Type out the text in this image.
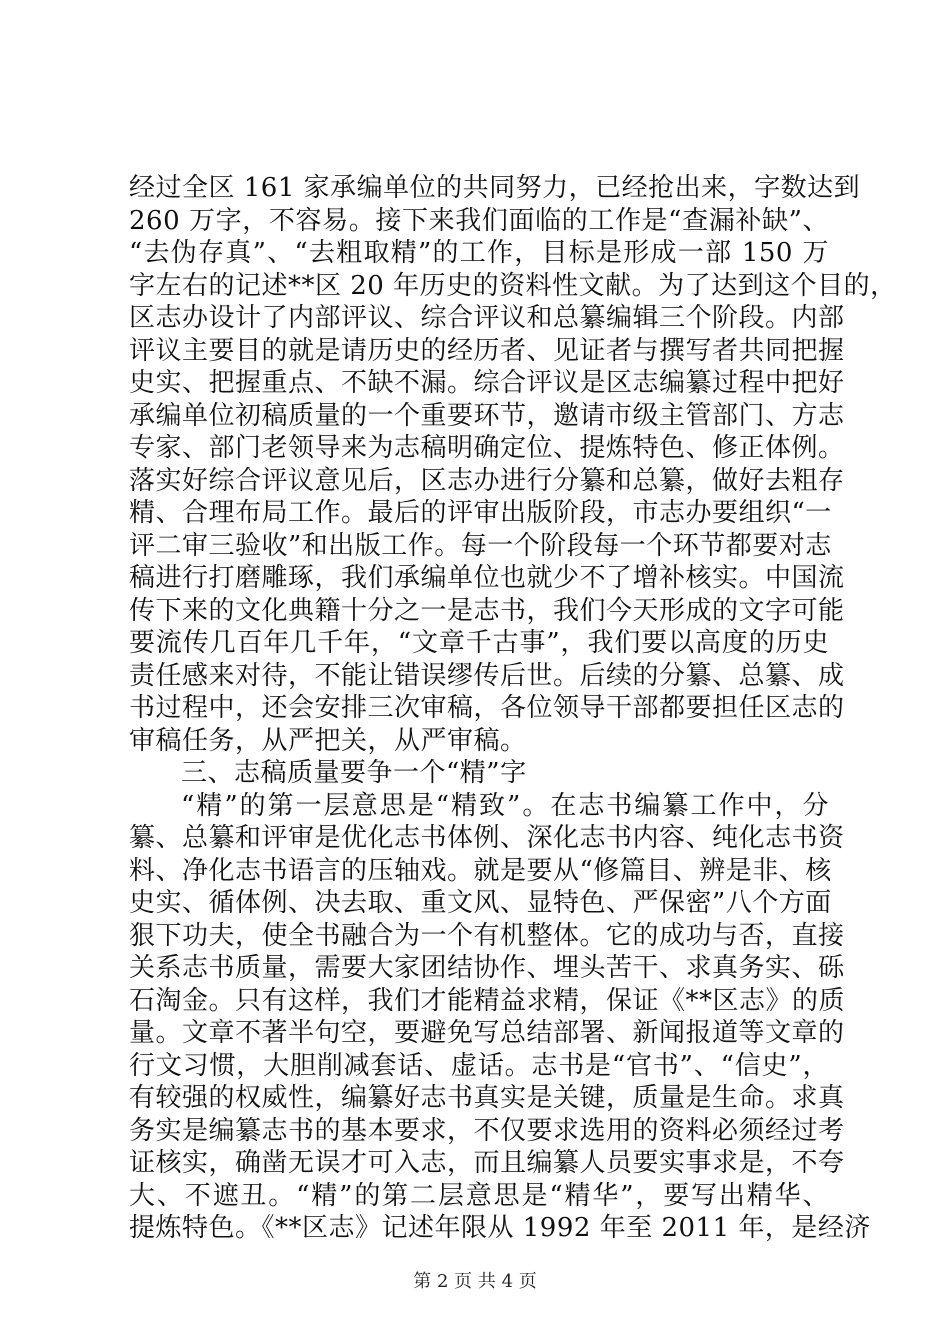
经过全区 161 家承编单位的共同努力，已经抢出来，字数达到
260 万字，不容易。接下来我们面临的工作是“查漏补缺”、
“去伪存真”、“去粗取精”的工作，目标是形成一部 150 万
字左右的记述**区 20 年历史的资料性文献。为了达到这个目的，
区志办设计了内部评议、综合评议和总纂编辑三个阶段。内部
评议主要目的就是请历史的经历者、见证者与撰写者共同把握
史实、把握重点、不缺不漏。综合评议是区志编纂过程中把好
承编单位初稿质量的一个重要环节，邀请市级主管部门、方志
专家、部门老领导来为志稿明确定位、提炼特色、修正体例。
落实好综合评议意见后，区志办进行分纂和总纂，做好去粗存
精、合理布局工作。最后的评审出版阶段，市志办要组织“一
评二审三验收”和出版工作。每一个阶段每一个环节都要对志
稿进行打磨雕琢，我们承编单位也就少不了增补核实。中国流
传下来的文化典籍十分之一是志书，我们今天形成的文字可能
要流传几百年几千年，“文章千古事”，我们要以高度的历史
责任感来对待，不能让错误缪传后世。后续的分纂、总纂、成
书过程中，还会安排三次审稿，各位领导干部都要担任区志的
审稿任务，从严把关，从严审稿。
三、志稿质量要争一个“精”字
“精”的第一层意思是“精致”。在志书编纂工作中，分
纂、总纂和评审是优化志书体例、深化志书内容、纯化志书资
料、净化志书语言的压轴戏。就是要从“修篇目、辨是非、核
史实、循体例、决去取、重文风、显特色、严保密”八个方面
狠下功夫，使全书融合为一个有机整体。它的成功与否，直接
关系志书质量，需要大家团结协作、埋头苦干、求真务实、砾
石淘金。只有这样，我们才能精益求精，保证《**区志》的质
量。文章不著半句空，要避免写总结部署、新闻报道等文章的
行文习惯，大胆削减套话、虚话。志书是“官书”、“信史”，
有较强的权威性，编纂好志书真实是关键，质量是生命。求真
务实是编纂志书的基本要求，不仅要求选用的资料必须经过考
证核实，确凿无误才可入志，而且编纂人员要实事求是，不夸
大、不遮丑。“精”的第二层意思是“精华”，要写出精华、
提炼特色。《**区志》记述年限从 1992 年至 2011 年，是经济
第 2 页 共 4 页
